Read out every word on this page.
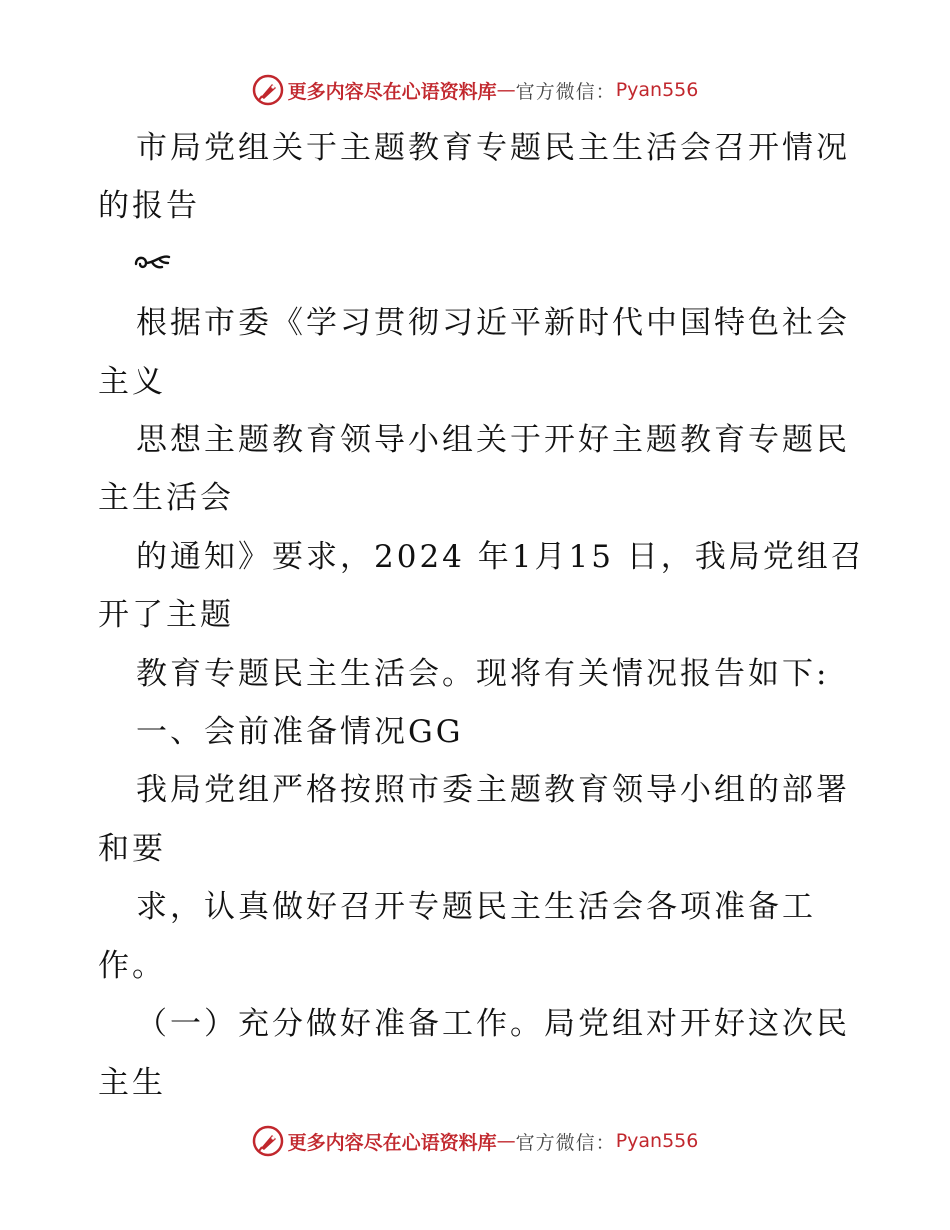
更多内容尽在心语资料库 — 官方微信： Pyan556
市局党组关于主题教育专题民主生活会召开情况
的报告
根据市委《学习贯彻习近平新时代中国特色社会
主义
思想主题教育领导小组关于开好主题教育专题民
主生活会
的通知》要求，2024 年1月15 日，我局党组召
开了主题
教育专题民主生活会。现将有关情况报告如下:
一、会前准备情况GG
我局党组严格按照市委主题教育领导小组的部署
和要
求，认真做好召开专题民主生活会各项准备工
作。
（一）充分做好准备工作。局党组对开好这次民
主生
更多内容尽在心语资料库 — 官方微信： Pyan556
